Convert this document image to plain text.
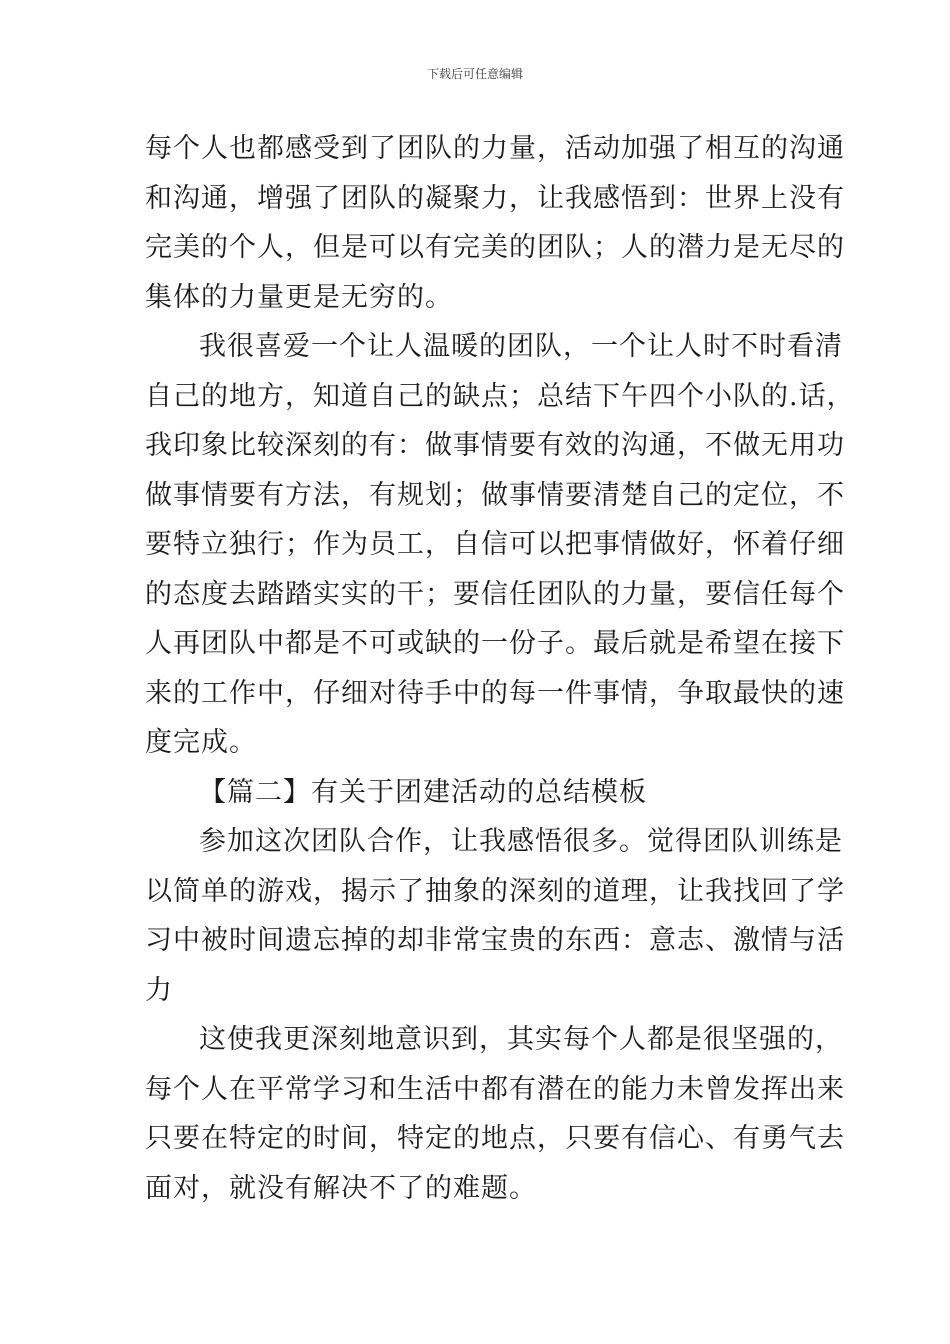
下载后可任意编辑

每个人也都感受到了团队的力量，活动加强了相互的沟通
和沟通，增强了团队的凝聚力，让我感悟到：世界上没有
完美的个人，但是可以有完美的团队；人的潜力是无尽的
集体的力量更是无穷的。

我很喜爱一个让人温暖的团队，一个让人时不时看清
自己的地方，知道自己的缺点；总结下午四个小队的.话，
我印象比较深刻的有：做事情要有效的沟通，不做无用功
做事情要有方法，有规划；做事情要清楚自己的定位，不
要特立独行；作为员工，自信可以把事情做好，怀着仔细
的态度去踏踏实实的干；要信任团队的力量，要信任每个
人再团队中都是不可或缺的一份子。最后就是希望在接下
来的工作中，仔细对待手中的每一件事情，争取最快的速
度完成。

【篇二】有关于团建活动的总结模板

参加这次团队合作，让我感悟很多。觉得团队训练是
以简单的游戏，揭示了抽象的深刻的道理，让我找回了学
习中被时间遗忘掉的却非常宝贵的东西：意志、激情与活
力

这使我更深刻地意识到，其实每个人都是很坚强的，
每个人在平常学习和生活中都有潜在的能力未曾发挥出来
只要在特定的时间，特定的地点，只要有信心、有勇气去
面对，就没有解决不了的难题。
